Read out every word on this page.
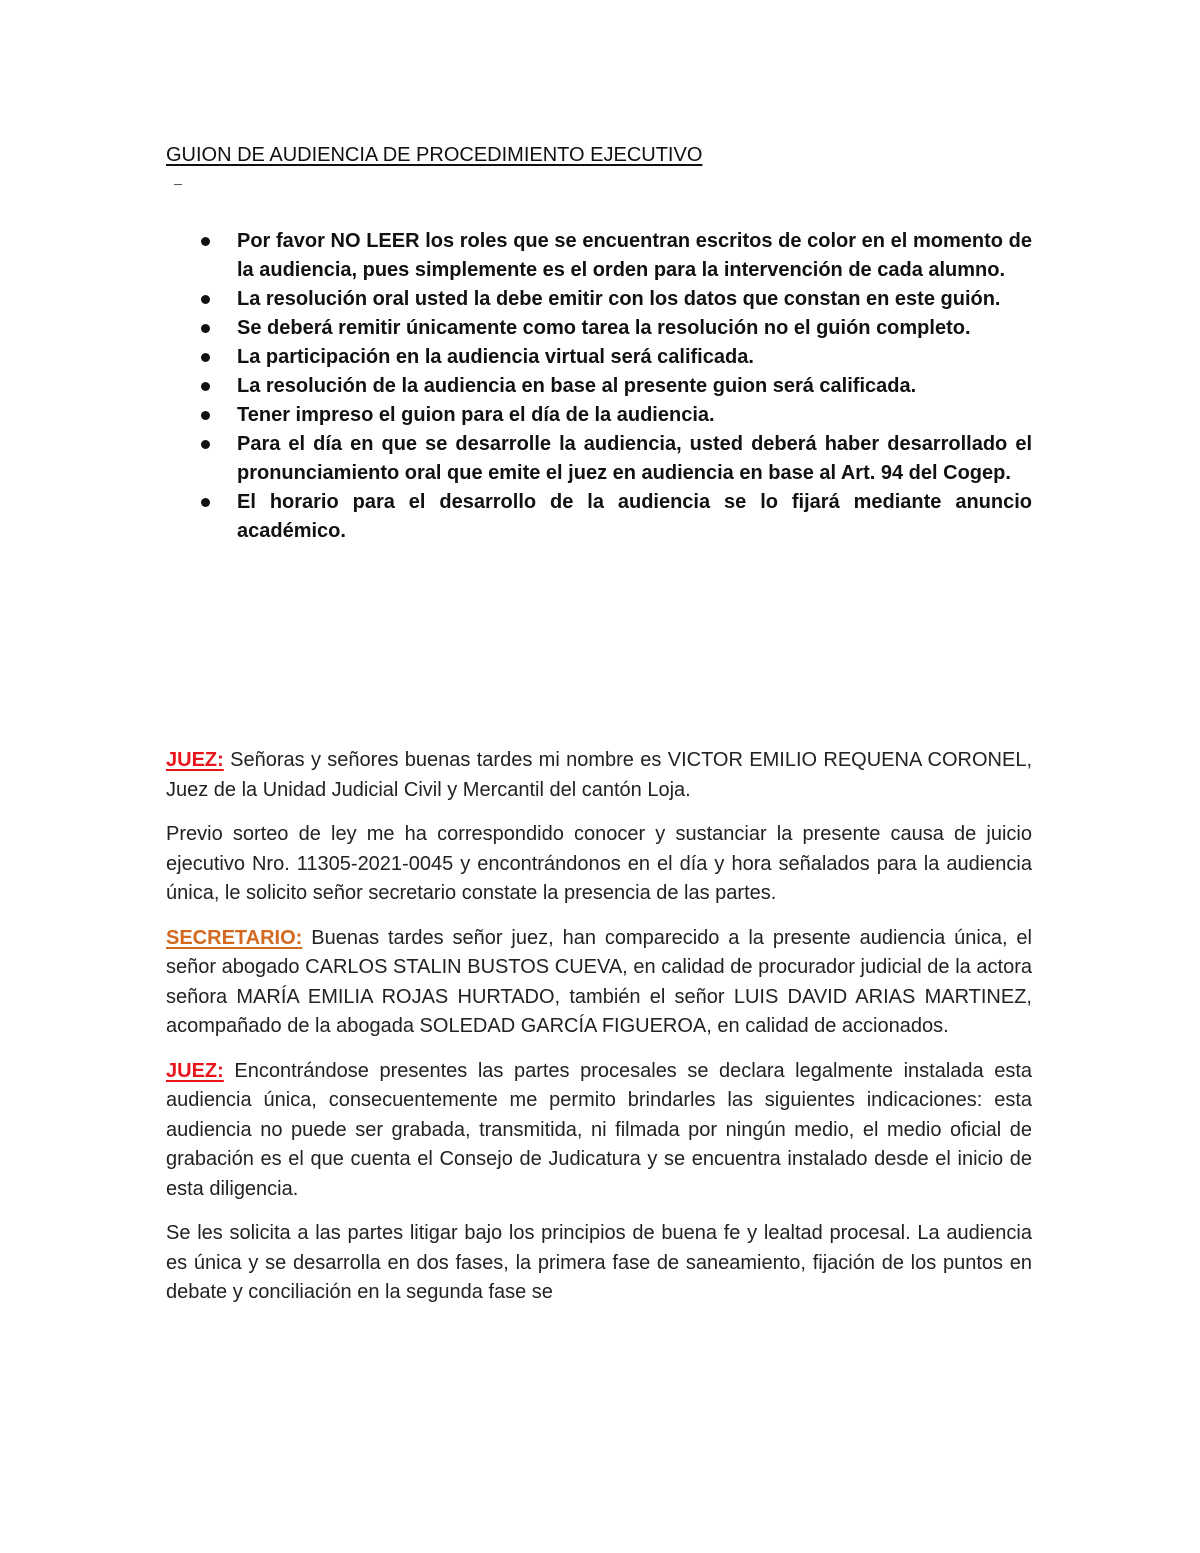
GUION DE AUDIENCIA DE PROCEDIMIENTO EJECUTIVO
Por favor NO LEER los roles que se encuentran escritos de color en el momento de la audiencia, pues simplemente es el orden para la intervención de cada alumno.
La resolución oral usted la debe emitir con los datos que constan en este guión.
Se deberá remitir únicamente como tarea la resolución no el guión completo.
La participación en la audiencia virtual será calificada.
La resolución de la audiencia en base al presente guion será calificada.
Tener impreso el guion para el día de la audiencia.
Para el día en que se desarrolle la audiencia, usted deberá haber desarrollado el pronunciamiento oral que emite el juez en audiencia en base al Art. 94 del Cogep.
El horario para el desarrollo de la audiencia se lo fijará mediante anuncio académico.

JUEZ: Señoras y señores buenas tardes mi nombre es VICTOR EMILIO REQUENA CORONEL, Juez de la Unidad Judicial Civil y Mercantil del cantón Loja.

Previo sorteo de ley me ha correspondido conocer y sustanciar la presente causa de juicio ejecutivo Nro. 11305-2021-0045 y encontrándonos en el día y hora señalados para la audiencia única, le solicito señor secretario constate la presencia de las partes.

SECRETARIO: Buenas tardes señor juez, han comparecido a la presente audiencia única, el señor abogado CARLOS STALIN BUSTOS CUEVA, en calidad de procurador judicial de la actora señora MARÍA EMILIA ROJAS HURTADO, también el señor LUIS DAVID ARIAS MARTINEZ, acompañado de la abogada SOLEDAD GARCÍA FIGUEROA, en calidad de accionados.

JUEZ: Encontrándose presentes las partes procesales se declara legalmente instalada esta audiencia única, consecuentemente me permito brindarles las siguientes indicaciones: esta audiencia no puede ser grabada, transmitida, ni filmada por ningún medio, el medio oficial de grabación es el que cuenta el Consejo de Judicatura y se encuentra instalado desde el inicio de esta diligencia.

Se les solicita a las partes litigar bajo los principios de buena fe y lealtad procesal. La audiencia es única y se desarrolla en dos fases, la primera fase de saneamiento, fijación de los puntos en debate y conciliación en la segunda fase se
